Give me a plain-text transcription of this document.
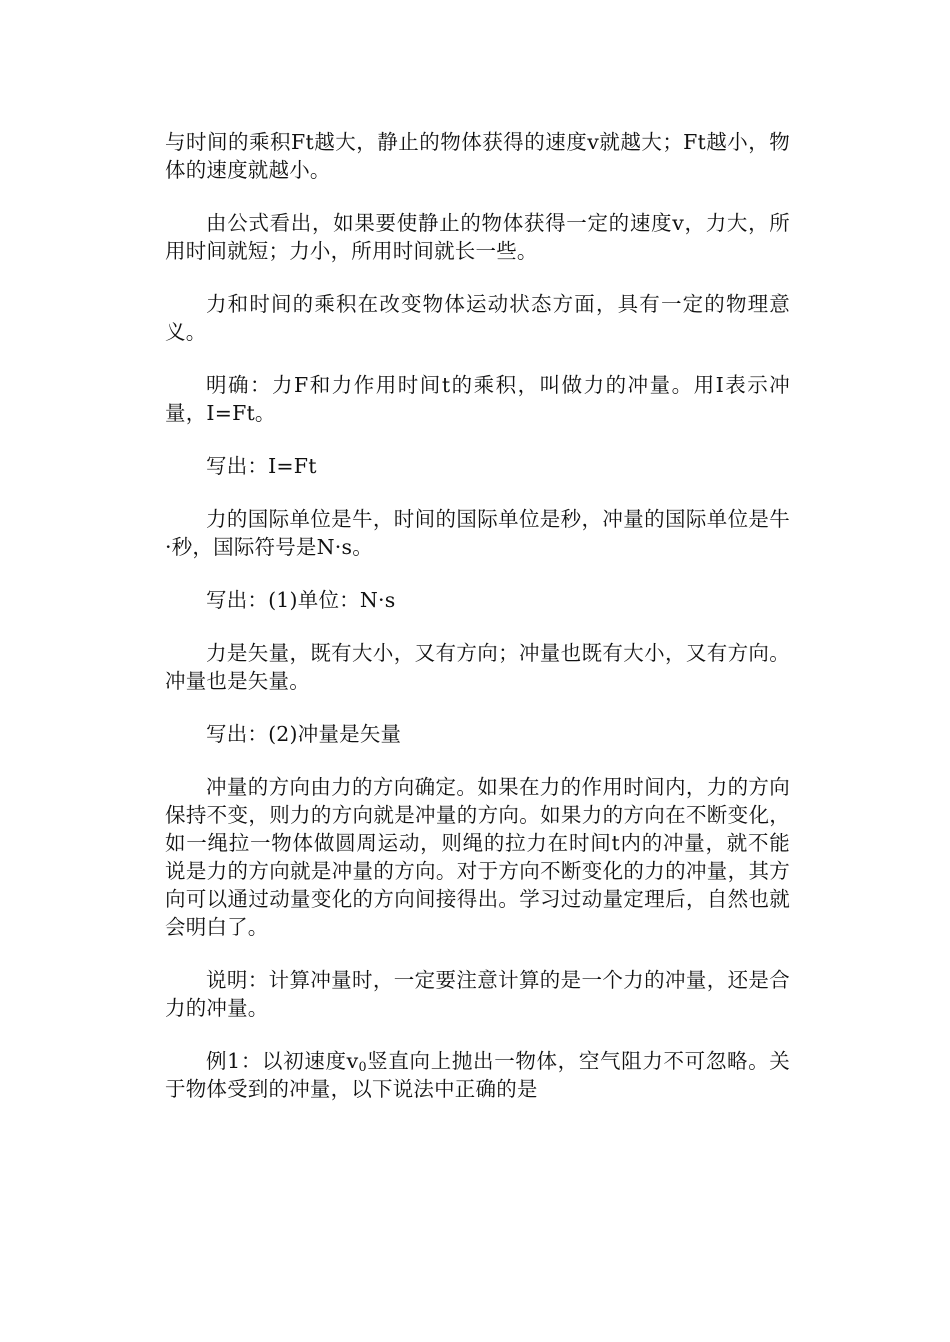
与时间的乘积Ft越大，静止的物体获得的速度v就越大；Ft越小，物体的速度就越小。

由公式看出，如果要使静止的物体获得一定的速度v，力大，所用时间就短；力小，所用时间就长一些。

力和时间的乘积在改变物体运动状态方面，具有一定的物理意义。

明确：力F和力作用时间t的乘积，叫做力的冲量。用I表示冲量，I=Ft。

写出：I=Ft

力的国际单位是牛，时间的国际单位是秒，冲量的国际单位是牛·秒，国际符号是N·s。

写出：(1)单位：N·s

力是矢量，既有大小，又有方向；冲量也既有大小，又有方向。冲量也是矢量。

写出：(2)冲量是矢量

冲量的方向由力的方向确定。如果在力的作用时间内，力的方向保持不变，则力的方向就是冲量的方向。如果力的方向在不断变化，如一绳拉一物体做圆周运动，则绳的拉力在时间t内的冲量，就不能说是力的方向就是冲量的方向。对于方向不断变化的力的冲量，其方向可以通过动量变化的方向间接得出。学习过动量定理后，自然也就会明白了。

说明：计算冲量时，一定要注意计算的是一个力的冲量，还是合力的冲量。

例1：以初速度$v_0$竖直向上抛出一物体，空气阻力不可忽略。关于物体受到的冲量，以下说法中正确的是
